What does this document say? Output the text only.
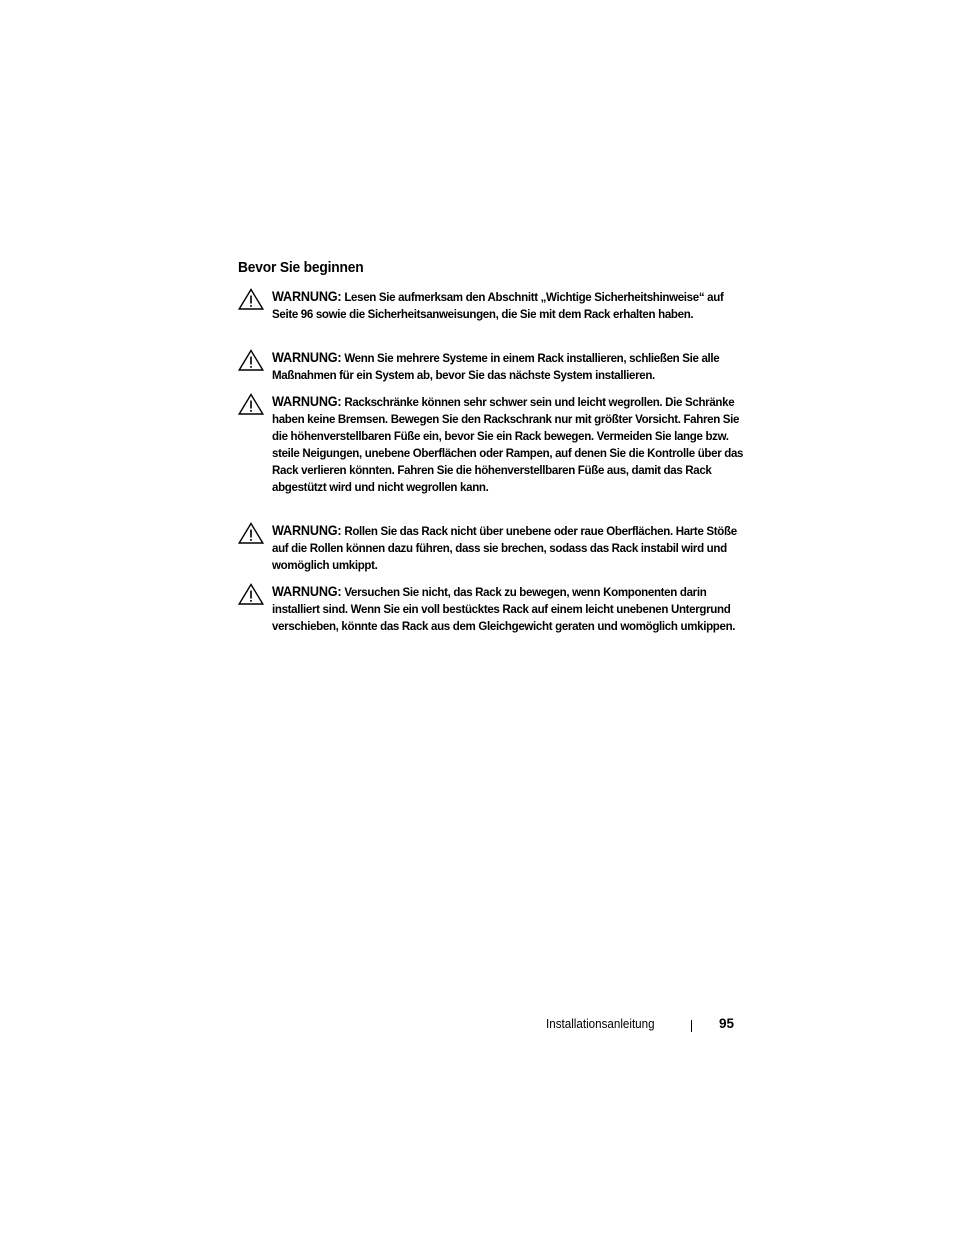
Bevor Sie beginnen

WARNUNG: Lesen Sie aufmerksam den Abschnitt „Wichtige Sicherheitshinweise“ auf Seite 96 sowie die Sicherheitsanweisungen, die Sie mit dem Rack erhalten haben.

WARNUNG: Wenn Sie mehrere Systeme in einem Rack installieren, schließen Sie alle Maßnahmen für ein System ab, bevor Sie das nächste System installieren.

WARNUNG: Rackschränke können sehr schwer sein und leicht wegrollen. Die Schränke haben keine Bremsen. Bewegen Sie den Rackschrank nur mit größter Vorsicht. Fahren Sie die höhenverstellbaren Füße ein, bevor Sie ein Rack bewegen. Vermeiden Sie lange bzw. steile Neigungen, unebene Oberflächen oder Rampen, auf denen Sie die Kontrolle über das Rack verlieren könnten. Fahren Sie die höhenverstellbaren Füße aus, damit das Rack abgestützt wird und nicht wegrollen kann.

WARNUNG: Rollen Sie das Rack nicht über unebene oder raue Oberflächen. Harte Stöße auf die Rollen können dazu führen, dass sie brechen, sodass das Rack instabil wird und womöglich umkippt.

WARNUNG: Versuchen Sie nicht, das Rack zu bewegen, wenn Komponenten darin installiert sind. Wenn Sie ein voll bestücktes Rack auf einem leicht unebenen Untergrund verschieben, könnte das Rack aus dem Gleichgewicht geraten und womöglich umkippen.

Installationsanleitung	95
